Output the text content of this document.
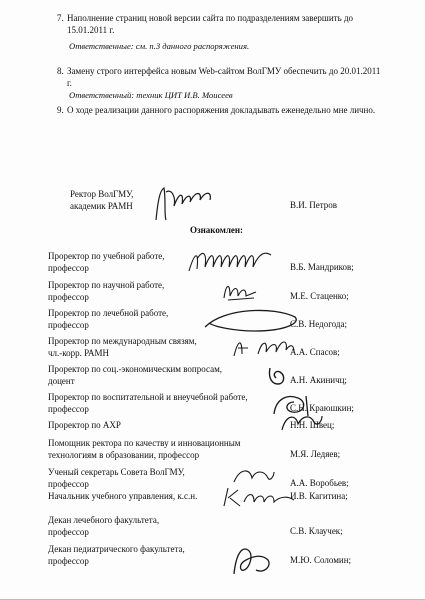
7. Наполнение страниц новой версии сайта по подразделениям завершить до 15.01.2011 г.
Ответственные: см. п.3 данного распоряжения.
8. Замену строго интерфейса новым Web-сайтом ВолГМУ обеспечить до 20.01.2011 г.
Ответственный: техник ЦИТ И.В. Моисеев
9. О ходе реализации данного распоряжения докладывать еженедельно мне лично.
Ректор ВолГМУ,
академик РАМН	В.И. Петров
Ознакомлен:
Проректор по учебной работе,
профессор	В.Б. Мандриков;
Проректор по научной работе,
профессор	М.Е. Стаценко;
Проректор по лечебной работе,
профессор	С.В. Недогода;
Проректор по международным связям,
чл.-корр. РАМН	А.А. Спасов;
Проректор по соц.-экономическим вопросам,
доцент	А.Н. Акиничц;
Проректор по воспитательной и внеучебной работе,
профессор	С.Н. Краюшкин;
Проректор по АХР	Н.Н. Швец;
Помощник ректора по качеству и инновационным
технологиям в образовании, профессор	М.Я. Ледяев;
Ученый секретарь Совета ВолГМУ,
профессор	А.А. Воробьев;
Начальник учебного управления, к.с.н.	И.В. Кагитина;
Декан лечебного факультета,
профессор	С.В. Клаучек;
Декан педиатрического факультета,
профессор	М.Ю. Соломин;
